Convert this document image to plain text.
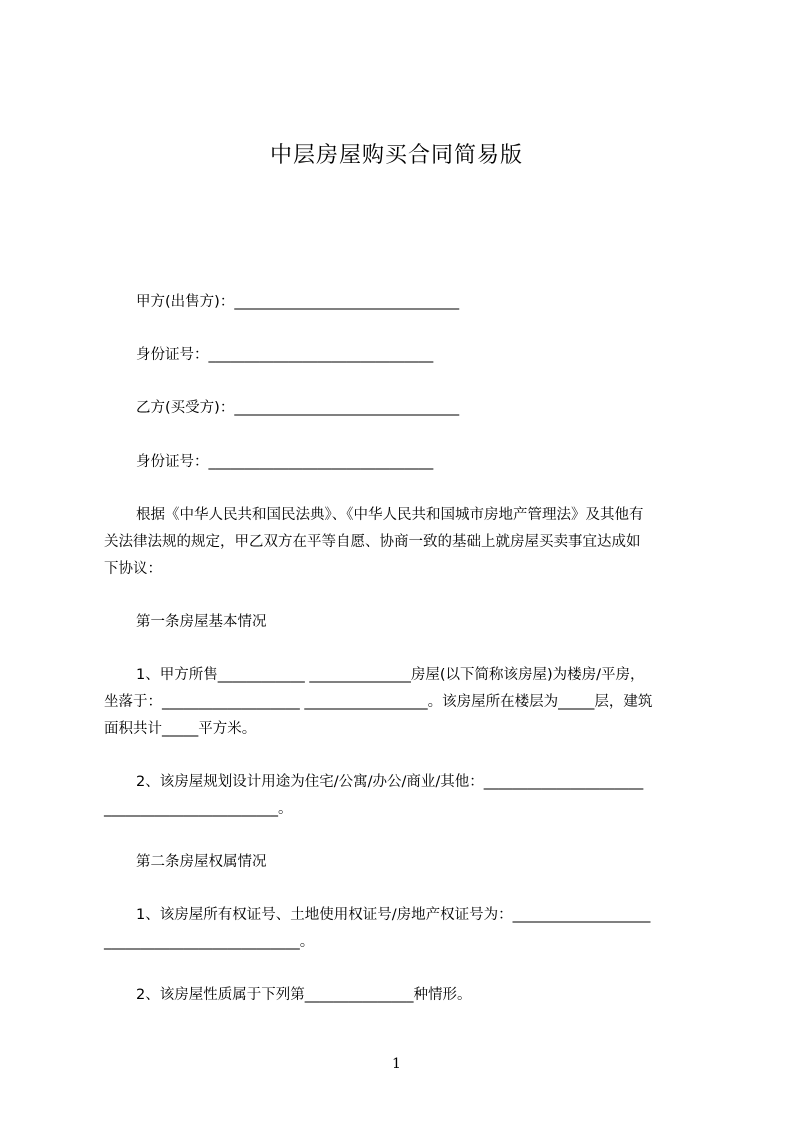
中层房屋购买合同简易版
甲方(出售方)：_______________________________
身份证号：_______________________________
乙方(买受方)：_______________________________
身份证号：_______________________________
根据《中华人民共和国民法典》、《中华人民共和国城市房地产管理法》及其他有
关法律法规的规定，甲乙双方在平等自愿、协商一致的基础上就房屋买卖事宜达成如
下协议：
第一条房屋基本情况
1、甲方所售____________ ______________房屋(以下简称该房屋)为楼房/平房，
坐落于：___________________ _________________。该房屋所在楼层为_____层，建筑
面积共计_____平方米。
2、该房屋规划设计用途为住宅/公寓/办公/商业/其他：______________________
________________________。
第二条房屋权属情况
1、该房屋所有权证号、土地使用权证号/房地产权证号为：___________________
___________________________。
2、该房屋性质属于下列第_______________种情形。
1
